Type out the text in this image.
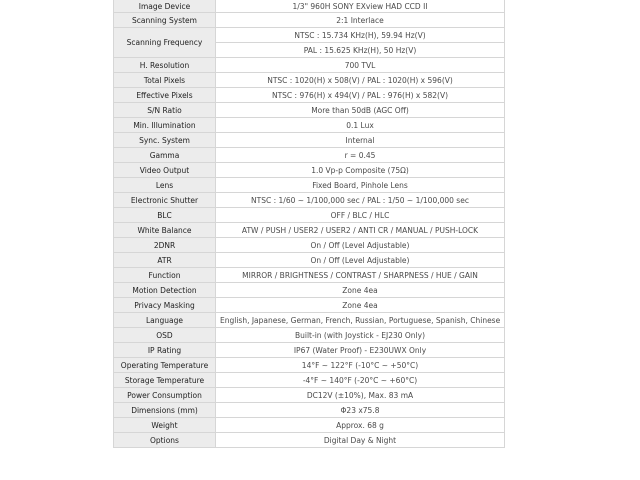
Image Device	1/3" 960H SONY EXview HAD CCD II
Scanning System	2:1 Interlace
Scanning Frequency	NTSC : 15.734 KHz(H), 59.94 Hz(V)
	PAL : 15.625 KHz(H), 50 Hz(V)
H. Resolution	700 TVL
Total Pixels	NTSC : 1020(H) x 508(V) / PAL : 1020(H) x 596(V)
Effective Pixels	NTSC : 976(H) x 494(V) / PAL : 976(H) x 582(V)
S/N Ratio	More than 50dB (AGC Off)
Min. Illumination	0.1 Lux
Sync. System	Internal
Gamma	r = 0.45
Video Output	1.0 Vp-p Composite (75Ω)
Lens	Fixed Board, Pinhole Lens
Electronic Shutter	NTSC : 1/60 ~ 1/100,000 sec / PAL : 1/50 ~ 1/100,000 sec
BLC	OFF / BLC / HLC
White Balance	ATW / PUSH / USER2 / USER2 / ANTI CR / MANUAL / PUSH-LOCK
2DNR	On / Off (Level Adjustable)
ATR	On / Off (Level Adjustable)
Function	MIRROR / BRIGHTNESS / CONTRAST / SHARPNESS / HUE / GAIN
Motion Detection	Zone 4ea
Privacy Masking	Zone 4ea
Language	English, Japanese, German, French, Russian, Portuguese, Spanish, Chinese
OSD	Built-in (with Joystick - EJ230 Only)
IP Rating	IP67 (Water Proof) - E230UWX Only
Operating Temperature	14°F ~ 122°F (-10°C ~ +50°C)
Storage Temperature	-4°F ~ 140°F (-20°C ~ +60°C)
Power Consumption	DC12V (±10%), Max. 83 mA
Dimensions (mm)	Φ23 x75.8
Weight	Approx. 68 g
Options	Digital Day & Night
